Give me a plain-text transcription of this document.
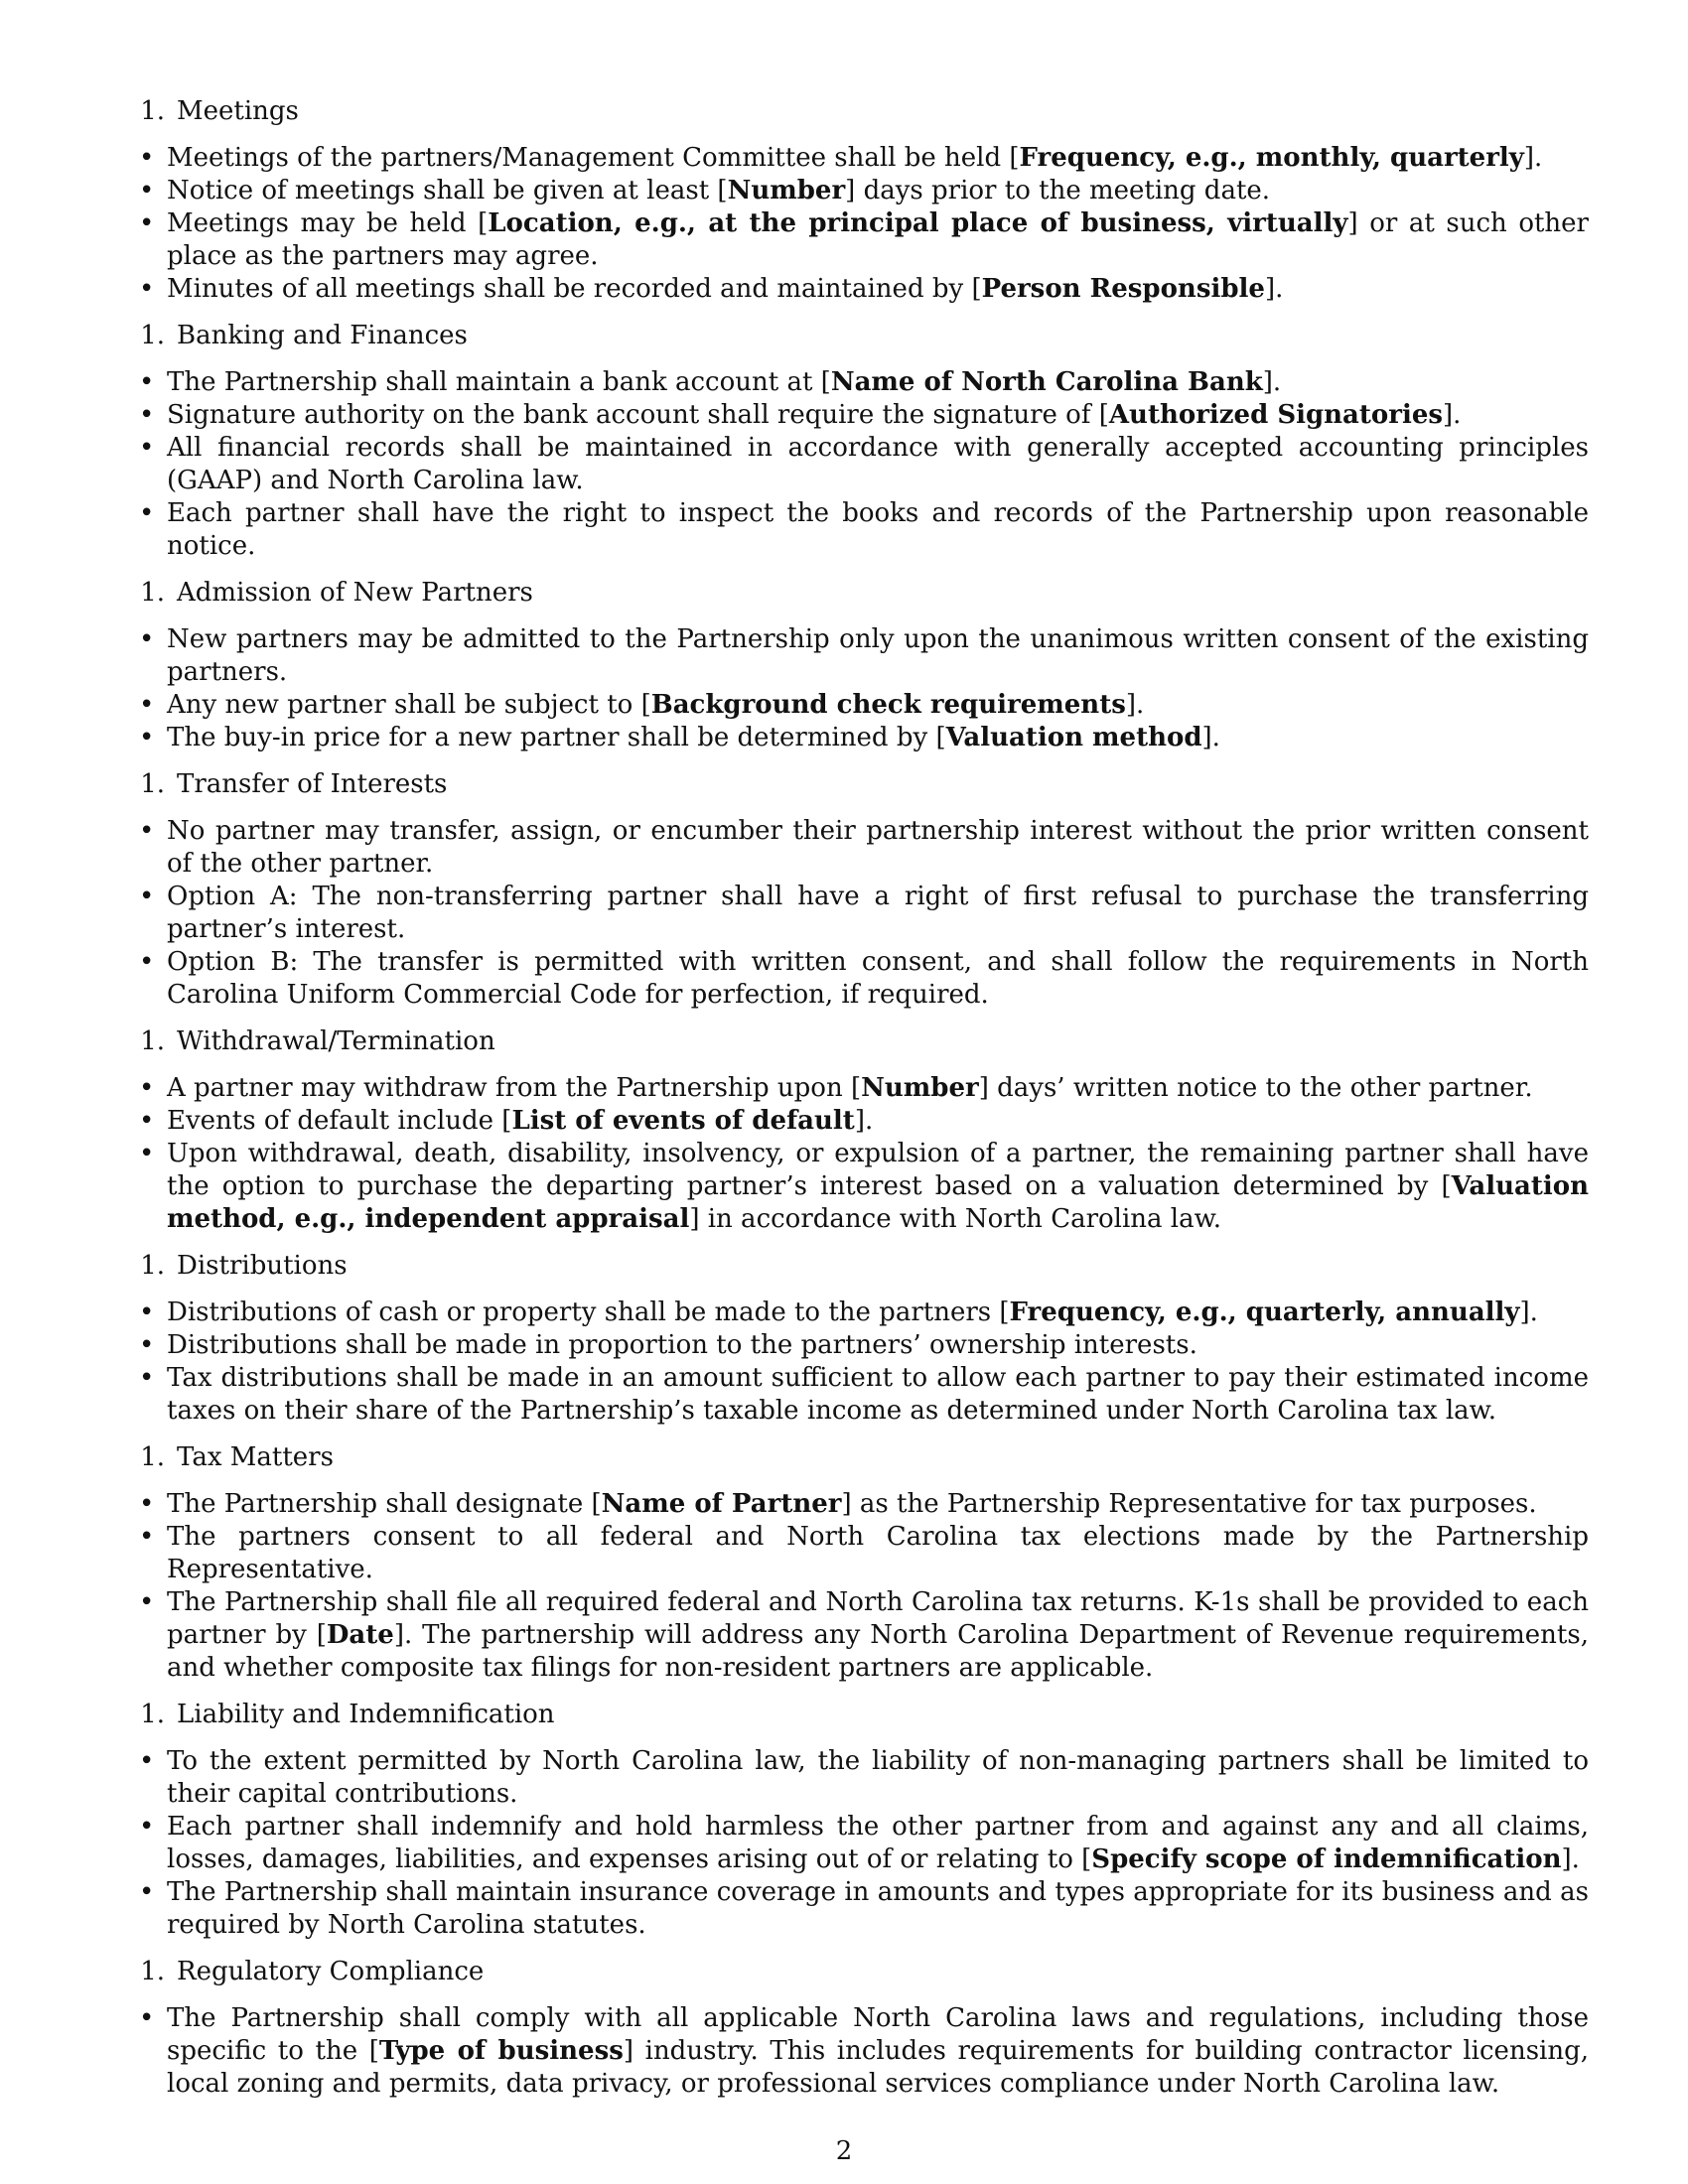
1. Meetings
• Meetings of the partners/Management Committee shall be held [Frequency, e.g., monthly, quarterly].
• Notice of meetings shall be given at least [Number] days prior to the meeting date.
• Meetings may be held [Location, e.g., at the principal place of business, virtually] or at such other place as the partners may agree.
• Minutes of all meetings shall be recorded and maintained by [Person Responsible].
1. Banking and Finances
• The Partnership shall maintain a bank account at [Name of North Carolina Bank].
• Signature authority on the bank account shall require the signature of [Authorized Signatories].
• All financial records shall be maintained in accordance with generally accepted accounting principles (GAAP) and North Carolina law.
• Each partner shall have the right to inspect the books and records of the Partnership upon reasonable notice.
1. Admission of New Partners
• New partners may be admitted to the Partnership only upon the unanimous written consent of the existing partners.
• Any new partner shall be subject to [Background check requirements].
• The buy-in price for a new partner shall be determined by [Valuation method].
1. Transfer of Interests
• No partner may transfer, assign, or encumber their partnership interest without the prior written consent of the other partner.
• Option A: The non-transferring partner shall have a right of first refusal to purchase the transferring partner’s interest.
• Option B: The transfer is permitted with written consent, and shall follow the requirements in North Carolina Uniform Commercial Code for perfection, if required.
1. Withdrawal/Termination
• A partner may withdraw from the Partnership upon [Number] days’ written notice to the other partner.
• Events of default include [List of events of default].
• Upon withdrawal, death, disability, insolvency, or expulsion of a partner, the remaining partner shall have the option to purchase the departing partner’s interest based on a valuation determined by [Valuation method, e.g., independent appraisal] in accordance with North Carolina law.
1. Distributions
• Distributions of cash or property shall be made to the partners [Frequency, e.g., quarterly, annually].
• Distributions shall be made in proportion to the partners’ ownership interests.
• Tax distributions shall be made in an amount sufficient to allow each partner to pay their estimated income taxes on their share of the Partnership’s taxable income as determined under North Carolina tax law.
1. Tax Matters
• The Partnership shall designate [Name of Partner] as the Partnership Representative for tax purposes.
• The partners consent to all federal and North Carolina tax elections made by the Partnership Representative.
• The Partnership shall file all required federal and North Carolina tax returns. K-1s shall be provided to each partner by [Date]. The partnership will address any North Carolina Department of Revenue requirements, and whether composite tax filings for non-resident partners are applicable.
1. Liability and Indemnification
• To the extent permitted by North Carolina law, the liability of non-managing partners shall be limited to their capital contributions.
• Each partner shall indemnify and hold harmless the other partner from and against any and all claims, losses, damages, liabilities, and expenses arising out of or relating to [Specify scope of indemnification].
• The Partnership shall maintain insurance coverage in amounts and types appropriate for its business and as required by North Carolina statutes.
1. Regulatory Compliance
• The Partnership shall comply with all applicable North Carolina laws and regulations, including those specific to the [Type of business] industry. This includes requirements for building contractor licensing, local zoning and permits, data privacy, or professional services compliance under North Carolina law.
2
